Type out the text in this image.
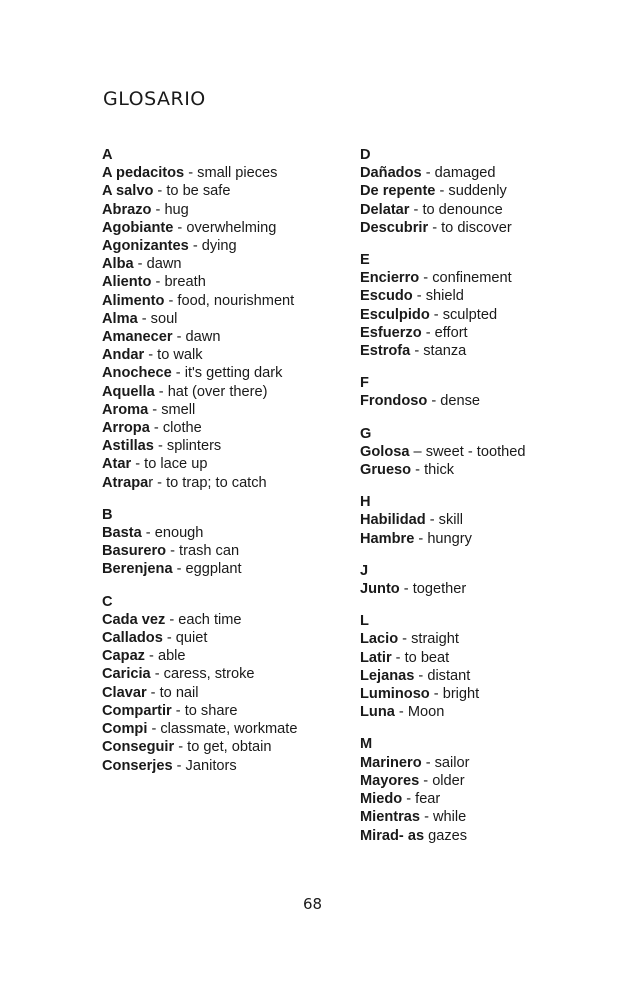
GLOSARIO
A
A pedacitos - small pieces
A salvo - to be safe
Abrazo - hug
Agobiante - overwhelming
Agonizantes - dying
Alba - dawn
Aliento - breath
Alimento - food, nourishment
Alma - soul
Amanecer - dawn
Andar - to walk
Anochece - it's getting dark
Aquella - hat (over there)
Aroma - smell
Arropa - clothe
Astillas - splinters
Atar - to lace up
Atrapar - to trap; to catch
B
Basta - enough
Basurero - trash can
Berenjena - eggplant
C
Cada vez - each time
Callados - quiet
Capaz - able
Caricia - caress, stroke
Clavar - to nail
Compartir - to share
Compi - classmate, workmate
Conseguir - to get, obtain
Conserjes - Janitors
D
Dañados - damaged
De repente - suddenly
Delatar - to denounce
Descubrir - to discover
E
Encierro - confinement
Escudo - shield
Esculpido - sculpted
Esfuerzo - effort
Estrofa - stanza
F
Frondoso - dense
G
Golosa – sweet - toothed
Grueso - thick
H
Habilidad - skill
Hambre - hungry
J
Junto - together
L
Lacio - straight
Latir - to beat
Lejanas - distant
Luminoso - bright
Luna - Moon
M
Marinero - sailor
Mayores - older
Miedo - fear
Mientras - while
Mirad- as gazes
68
